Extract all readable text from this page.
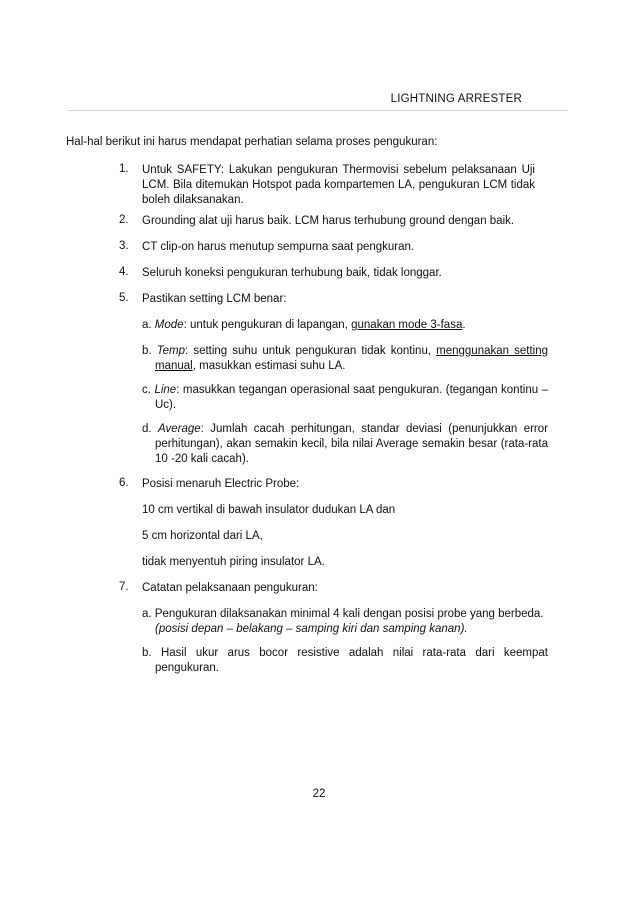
LIGHTNING ARRESTER
Hal-hal berikut ini harus mendapat perhatian selama proses pengukuran:
1. Untuk SAFETY: Lakukan pengukuran Thermovisi sebelum pelaksanaan Uji LCM. Bila ditemukan Hotspot pada kompartemen LA, pengukuran LCM tidak boleh dilaksanakan.
2. Grounding alat uji harus baik. LCM harus terhubung ground dengan baik.
3. CT clip-on harus menutup sempurna saat pengkuran.
4. Seluruh koneksi pengukuran terhubung baik, tidak longgar.
5. Pastikan setting LCM benar:
a. Mode: untuk pengukuran di lapangan, gunakan mode 3-fasa.
b. Temp: setting suhu untuk pengukuran tidak kontinu, menggunakan setting manual, masukkan estimasi suhu LA.
c. Line: masukkan tegangan operasional saat pengukuran. (tegangan kontinu – Uc).
d. Average: Jumlah cacah perhitungan, standar deviasi (penunjukkan error perhitungan), akan semakin kecil, bila nilai Average semakin besar (rata-rata 10 -20 kali cacah).
6. Posisi menaruh Electric Probe:
10 cm vertikal di bawah insulator dudukan LA dan
5 cm horizontal dari LA,
tidak menyentuh piring insulator LA.
7. Catatan pelaksanaan pengukuran:
a. Pengukuran dilaksanakan minimal 4 kali dengan posisi probe yang berbeda.
(posisi depan – belakang – samping kiri dan samping kanan).
b. Hasil ukur arus bocor resistive adalah nilai rata-rata dari keempat pengukuran.
22
